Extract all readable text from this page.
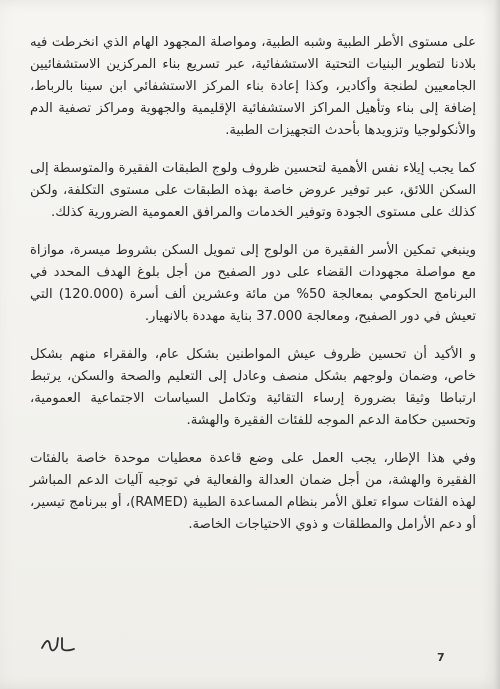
على مستوى الأطر الطبية وشبه الطبية، ومواصلة المجهود الهام الذي انخرطت فيه بلادنا لتطوير البنيات التحتية الاستشفائية، عبر تسريع بناء المركزين الاستشفائيين الجامعيين لطنجة وأكادير، وكذا إعادة بناء المركز الاستشفائي ابن سينا بالرباط، إضافة إلى بناء وتأهيل المراكز الاستشفائية الإقليمية والجهوية ومراكز تصفية الدم والأنكولوجيا وتزويدها بأحدث التجهيزات الطبية.

كما يجب إيلاء نفس الأهمية لتحسين ظروف ولوج الطبقات الفقيرة والمتوسطة إلى السكن اللائق، عبر توفير عروض خاصة بهذه الطبقات على مستوى التكلفة، ولكن كذلك على مستوى الجودة وتوفير الخدمات والمرافق العمومية الضرورية كذلك.

وينبغي تمكين الأسر الفقيرة من الولوج إلى تمويل السكن بشروط ميسرة، موازاة مع مواصلة مجهودات القضاء على دور الصفيح من أجل بلوغ الهدف المحدد في البرنامج الحكومي بمعالجة 50% من مائة وعشرين ألف أسرة (120.000) التي تعيش في دور الصفيح، ومعالجة 37.000 بناية مهددة بالانهيار.

و الأكيد أن تحسين ظروف عيش المواطنين بشكل عام، والفقراء منهم بشكل خاص، وضمان ولوجهم بشكل منصف وعادل إلى التعليم والصحة والسكن، يرتبط ارتباطا وثيقا بضرورة إرساء التقائية وتكامل السياسات الاجتماعية العمومية، وتحسين حكامة الدعم الموجه للفئات الفقيرة والهشة.

وفي هذا الإطار، يجب العمل على وضع قاعدة معطيات موحدة خاصة بالفئات الفقيرة والهشة، من أجل ضمان العدالة والفعالية في توجيه آليات الدعم المباشر لهذه الفئات سواء تعلق الأمر بنظام المساعدة الطبية (RAMED)، أو ببرنامج تيسير، أو دعم الأرامل والمطلقات و ذوي الاحتياجات الخاصة.

7
